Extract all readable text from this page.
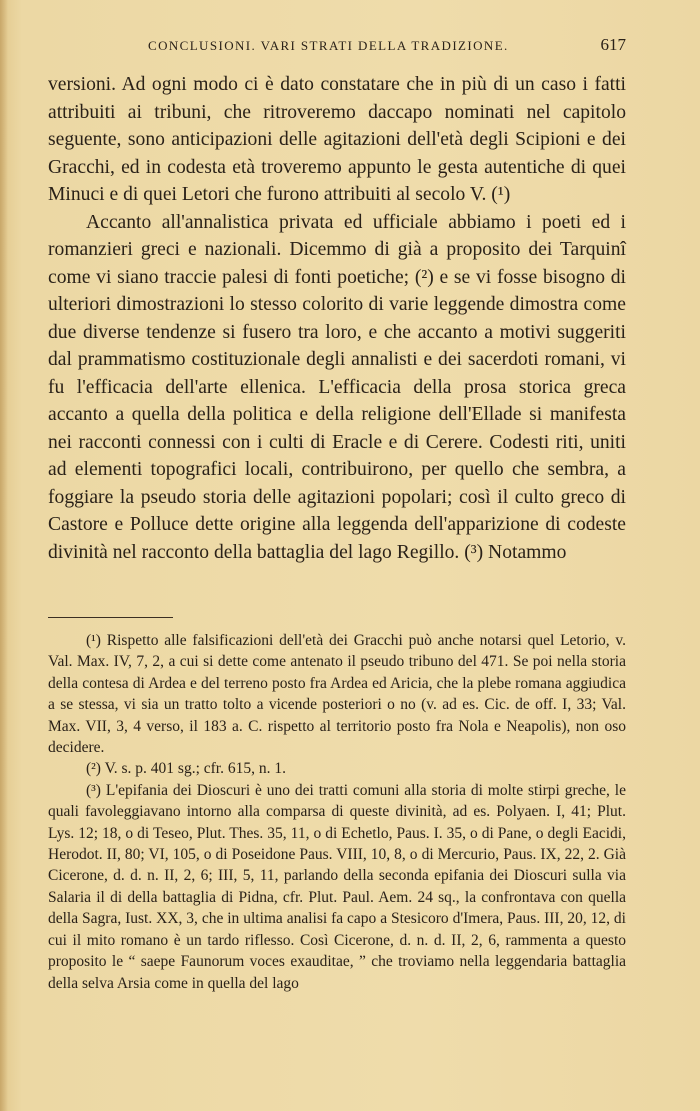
CONCLUSIONI. VARI STRATI DELLA TRADIZIONE.	617

versioni. Ad ogni modo ci è dato constatare che in più di un caso i fatti attribuiti ai tribuni, che ritroveremo daccapo nominati nel capitolo seguente, sono anticipazioni delle agitazioni dell'età degli Scipioni e dei Gracchi, ed in codesta età troveremo appunto le gesta autentiche di quei Minuci e di quei Letori che furono attribuiti al secolo V. (¹)

Accanto all'annalistica privata ed ufficiale abbiamo i poeti ed i romanzieri greci e nazionali. Dicemmo di già a proposito dei Tarquinî come vi siano traccie palesi di fonti poetiche; (²) e se vi fosse bisogno di ulteriori dimostrazioni lo stesso colorito di varie leggende dimostra come due diverse tendenze si fusero tra loro, e che accanto a motivi suggeriti dal prammatismo costituzionale degli annalisti e dei sacerdoti romani, vi fu l'efficacia dell'arte ellenica. L'efficacia della prosa storica greca accanto a quella della politica e della religione dell'Ellade si manifesta nei racconti connessi con i culti di Eracle e di Cerere. Codesti riti, uniti ad elementi topografici locali, contribuirono, per quello che sembra, a foggiare la pseudo storia delle agitazioni popolari; così il culto greco di Castore e Polluce dette origine alla leggenda dell'apparizione di codeste divinità nel racconto della battaglia del lago Regillo. (³) Notammo

(¹) Rispetto alle falsificazioni dell'età dei Gracchi può anche notarsi quel Letorio, v. Val. Max. IV, 7, 2, a cui si dette come antenato il pseudo tribuno del 471. Se poi nella storia della contesa di Ardea e del terreno posto fra Ardea ed Aricia, che la plebe romana aggiudica a se stessa, vi sia un tratto tolto a vicende posteriori o no (v. ad es. Cic. de off. I, 33; Val. Max. VII, 3, 4 verso, il 183 a. C. rispetto al territorio posto fra Nola e Neapolis), non oso decidere.

(²) V. s. p. 401 sg.; cfr. 615, n. 1.

(³) L'epifania dei Dioscuri è uno dei tratti comuni alla storia di molte stirpi greche, le quali favoleggiavano intorno alla comparsa di queste divinità, ad es. Polyaen. I, 41; Plut. Lys. 12; 18, o di Teseo, Plut. Thes. 35, 11, o di Echetlo, Paus. I. 35, o di Pane, o degli Eacidi, Herodot. II, 80; VI, 105, o di Poseidone Paus. VIII, 10, 8, o di Mercurio, Paus. IX, 22, 2. Già Cicerone, d. d. n. II, 2, 6; III, 5, 11, parlando della seconda epifania dei Dioscuri sulla via Salaria il di della battaglia di Pidna, cfr. Plut. Paul. Aem. 24 sq., la confrontava con quella della Sagra, Iust. XX, 3, che in ultima analisi fa capo a Stesicoro d'Imera, Paus. III, 20, 12, di cui il mito romano è un tardo riflesso. Così Cicerone, d. n. d. II, 2, 6, rammenta a questo proposito le “ saepe Faunorum voces exauditae, ” che troviamo nella leggendaria battaglia della selva Arsia come in quella del lago
